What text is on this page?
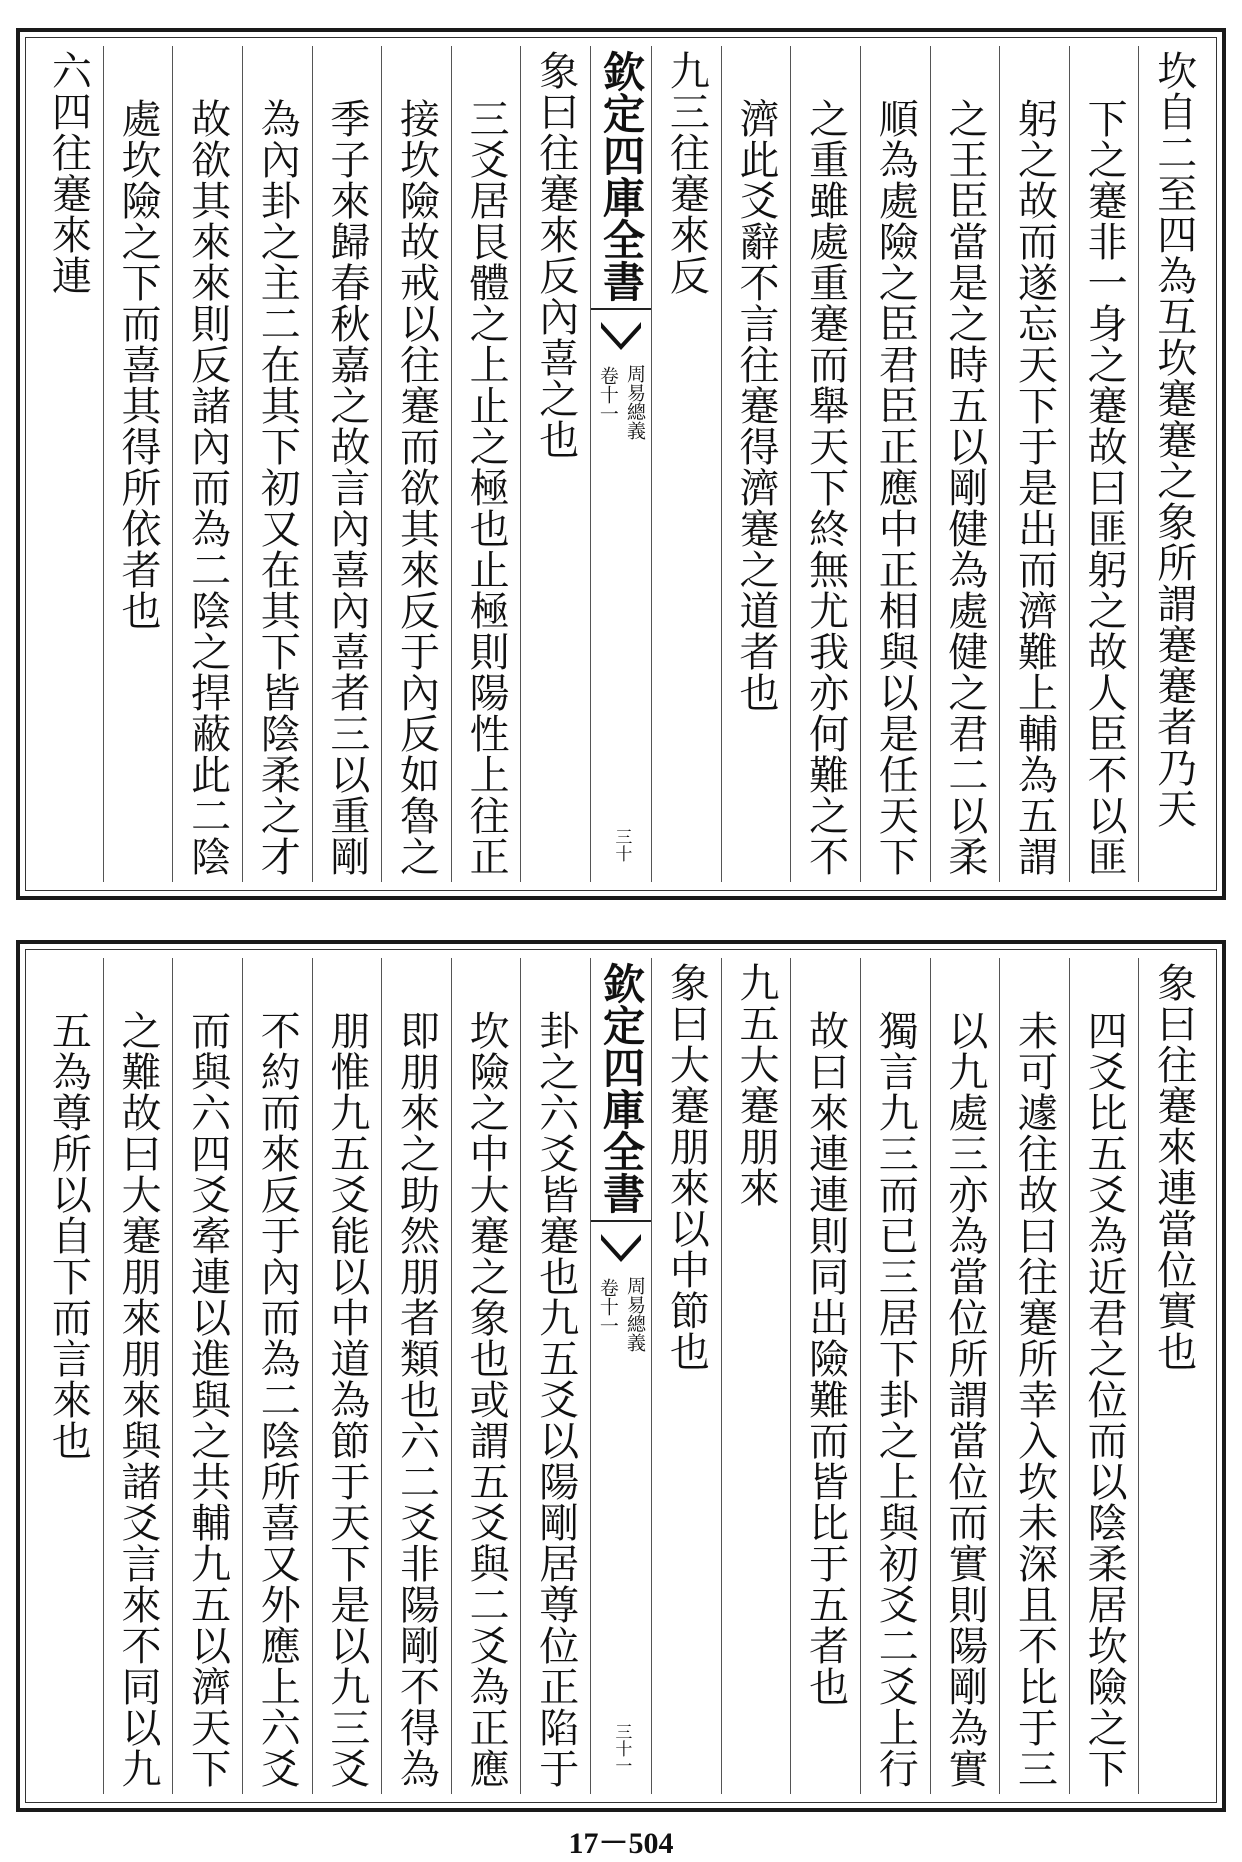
坎自二至四為互坎蹇蹇之象所謂蹇蹇者乃天
下之蹇非一身之蹇故曰匪躬之故人臣不以匪
躬之故而遂忘天下于是出而濟難上輔為五謂
之王臣當是之時五以剛健為處健之君二以柔
順為處險之臣君臣正應中正相與以是任天下
之重雖處重蹇而舉天下終無尤我亦何難之不
濟此爻辭不言往蹇得濟蹇之道者也
九三往蹇來反
欽定四庫全書
周易總義
卷十一
三十
象曰往蹇來反內喜之也
三爻居艮體之上止之極也止極則陽性上往正
接坎險故戒以往蹇而欲其來反于內反如魯之
季子來歸春秋嘉之故言內喜內喜者三以重剛
為內卦之主二在其下初又在其下皆陰柔之才
故欲其來來則反諸內而為二陰之捍蔽此二陰
處坎險之下而喜其得所依者也
六四往蹇來連
象曰往蹇來連當位實也
四爻比五爻為近君之位而以陰柔居坎險之下
未可遽往故曰往蹇所幸入坎未深且不比于三
以九處三亦為當位所謂當位而實則陽剛為實
獨言九三而已三居下卦之上與初爻二爻上行
故曰來連連則同出險難而皆比于五者也
九五大蹇朋來
象曰大蹇朋來以中節也
欽定四庫全書
周易總義
卷十一
三十一
卦之六爻皆蹇也九五爻以陽剛居尊位正陷于
坎險之中大蹇之象也或謂五爻與二爻為正應
即朋來之助然朋者類也六二爻非陽剛不得為
朋惟九五爻能以中道為節于天下是以九三爻
不約而來反于內而為二陰所喜又外應上六爻
而與六四爻牽連以進與之共輔九五以濟天下
之難故曰大蹇朋來朋來與諸爻言來不同以九
五為尊所以自下而言來也
17－504
